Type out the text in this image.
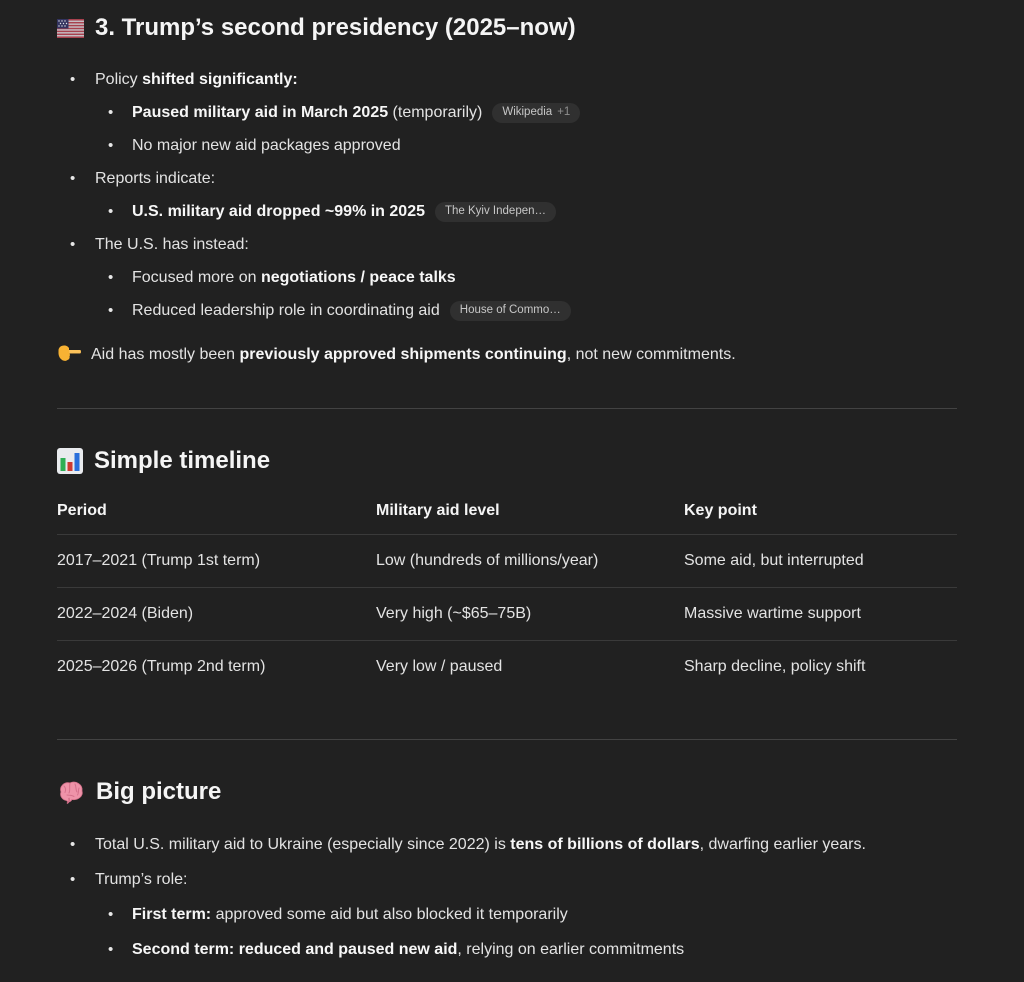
3. Trump’s second presidency (2025–now)
• Policy shifted significantly:
• Paused military aid in March 2025 (temporarily) Wikipedia +1
• No major new aid packages approved
• Reports indicate:
• U.S. military aid dropped ~99% in 2025 The Kyiv Indepen…
• The U.S. has instead:
• Focused more on negotiations / peace talks
• Reduced leadership role in coordinating aid House of Commo…
Aid has mostly been previously approved shipments continuing, not new commitments.
Simple timeline
Period	Military aid level	Key point
2017–2021 (Trump 1st term)	Low (hundreds of millions/year)	Some aid, but interrupted
2022–2024 (Biden)	Very high (~$65–75B)	Massive wartime support
2025–2026 (Trump 2nd term)	Very low / paused	Sharp decline, policy shift
Big picture
• Total U.S. military aid to Ukraine (especially since 2022) is tens of billions of dollars, dwarfing earlier years.
• Trump’s role:
• First term: approved some aid but also blocked it temporarily
• Second term: reduced and paused new aid, relying on earlier commitments
